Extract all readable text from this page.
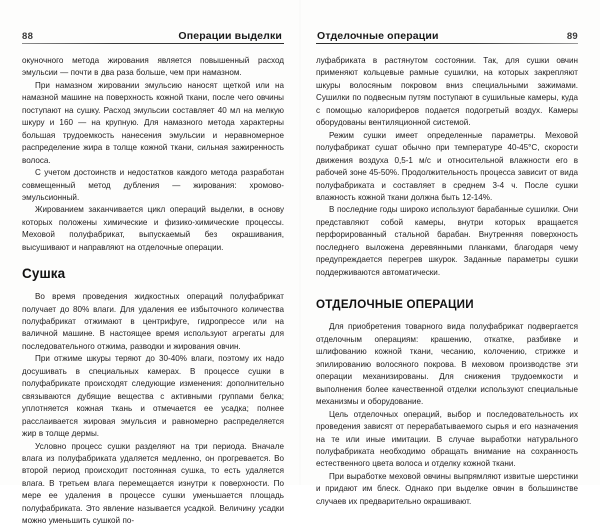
88	Операции выделки

окуночного метода жирования является повышенный расход эмульсии — почти в два раза больше, чем при намазном.

При намазном жировании эмульсию наносят щеткой или на намазной машине на поверхность кожной ткани, после чего овчины поступают на сушку. Расход эмульсии составляет 40 мл на мелкую шкуру и 160 — на крупную. Для намазного метода характерны большая трудоемкость нанесения эмульсии и неравномерное распределение жира в толще кожной ткани, сильная зажиренность волоса.

С учетом достоинств и недостатков каждого метода разработан совмещенный метод дубления — жирования: хромово-эмульсионный.

Жированием заканчивается цикл операций выделки, в основу которых положены химические и физико-химические процессы. Меховой полуфабрикат, выпускаемый без окрашивания, высушивают и направляют на отделочные операции.

Сушка

Во время проведения жидкостных операций полуфабрикат получает до 80% влаги. Для удаления ее избыточного количества полуфабрикат отжимают в центрифуге, гидропрессе или на валичной машине. В настоящее время используют агрегаты для последовательного отжима, разводки и жирования овчин.

При отжиме шкуры теряют до 30-40% влаги, поэтому их надо досушивать в специальных камерах. В процессе сушки в полуфабрикате происходят следующие изменения: дополнительно связываются дубящие вещества с активными группами белка; уплотняется кожная ткань и отмечается ее усадка; полнее расслаивается жировая эмульсия и равномерно распределяется жир в толще дермы.

Условно процесс сушки разделяют на три периода. Вначале влага из полуфабриката удаляется медленно, он прогревается. Во второй период происходит постоянная сушка, то есть удаляется влага. В третьем влага перемещается изнутри к поверхности. По мере ее удаления в процессе сушки уменьшается площадь полуфабриката. Это явление называется усадкой. Величину усадки можно уменьшить сушкой по-

Отделочные операции	89

луфабриката в растянутом состоянии. Так, для сушки овчин применяют кольцевые рамные сушилки, на которых закрепляют шкуры волосяным покровом вниз специальными зажимами. Сушилки по подвесным путям поступают в сушильные камеры, куда с помощью калориферов подается подогретый воздух. Камеры оборудованы вентиляционной системой.

Режим сушки имеет определенные параметры. Меховой полуфабрикат сушат обычно при температуре 40-45°С, скорости движения воздуха 0,5-1 м/с и относительной влажности его в рабочей зоне 45-50%. Продолжительность процесса зависит от вида полуфабриката и составляет в среднем 3-4 ч. После сушки влажность кожной ткани должна быть 12-14%.

В последние годы широко используют барабанные сушилки. Они представляют собой камеры, внутри которых вращается перфорированный стальной барабан. Внутренняя поверхность последнего выложена деревянными планками, благодаря чему предупреждается перегрев шкурок. Заданные параметры сушки поддерживаются автоматически.

ОТДЕЛОЧНЫЕ ОПЕРАЦИИ

Для приобретения товарного вида полуфабрикат подвергается отделочным операциям: крашению, откатке, разбивке и шлифованию кожной ткани, чесанию, колочению, стрижке и эпилированию волосяного покрова. В меховом производстве эти операции механизированы. Для снижения трудоемкости и выполнения более качественной отделки используют специальные механизмы и оборудование.

Цель отделочных операций, выбор и последовательность их проведения зависят от перерабатываемого сырья и его назначения на те или иные имитации. В случае выработки натурального полуфабриката необходимо обращать внимание на сохранность естественного цвета волоса и отделку кожной ткани.

При выработке меховой овчины выпрямляют извитые шерстинки и придают им блеск. Однако при выделке овчин в большинстве случаев их предварительно окрашивают.
